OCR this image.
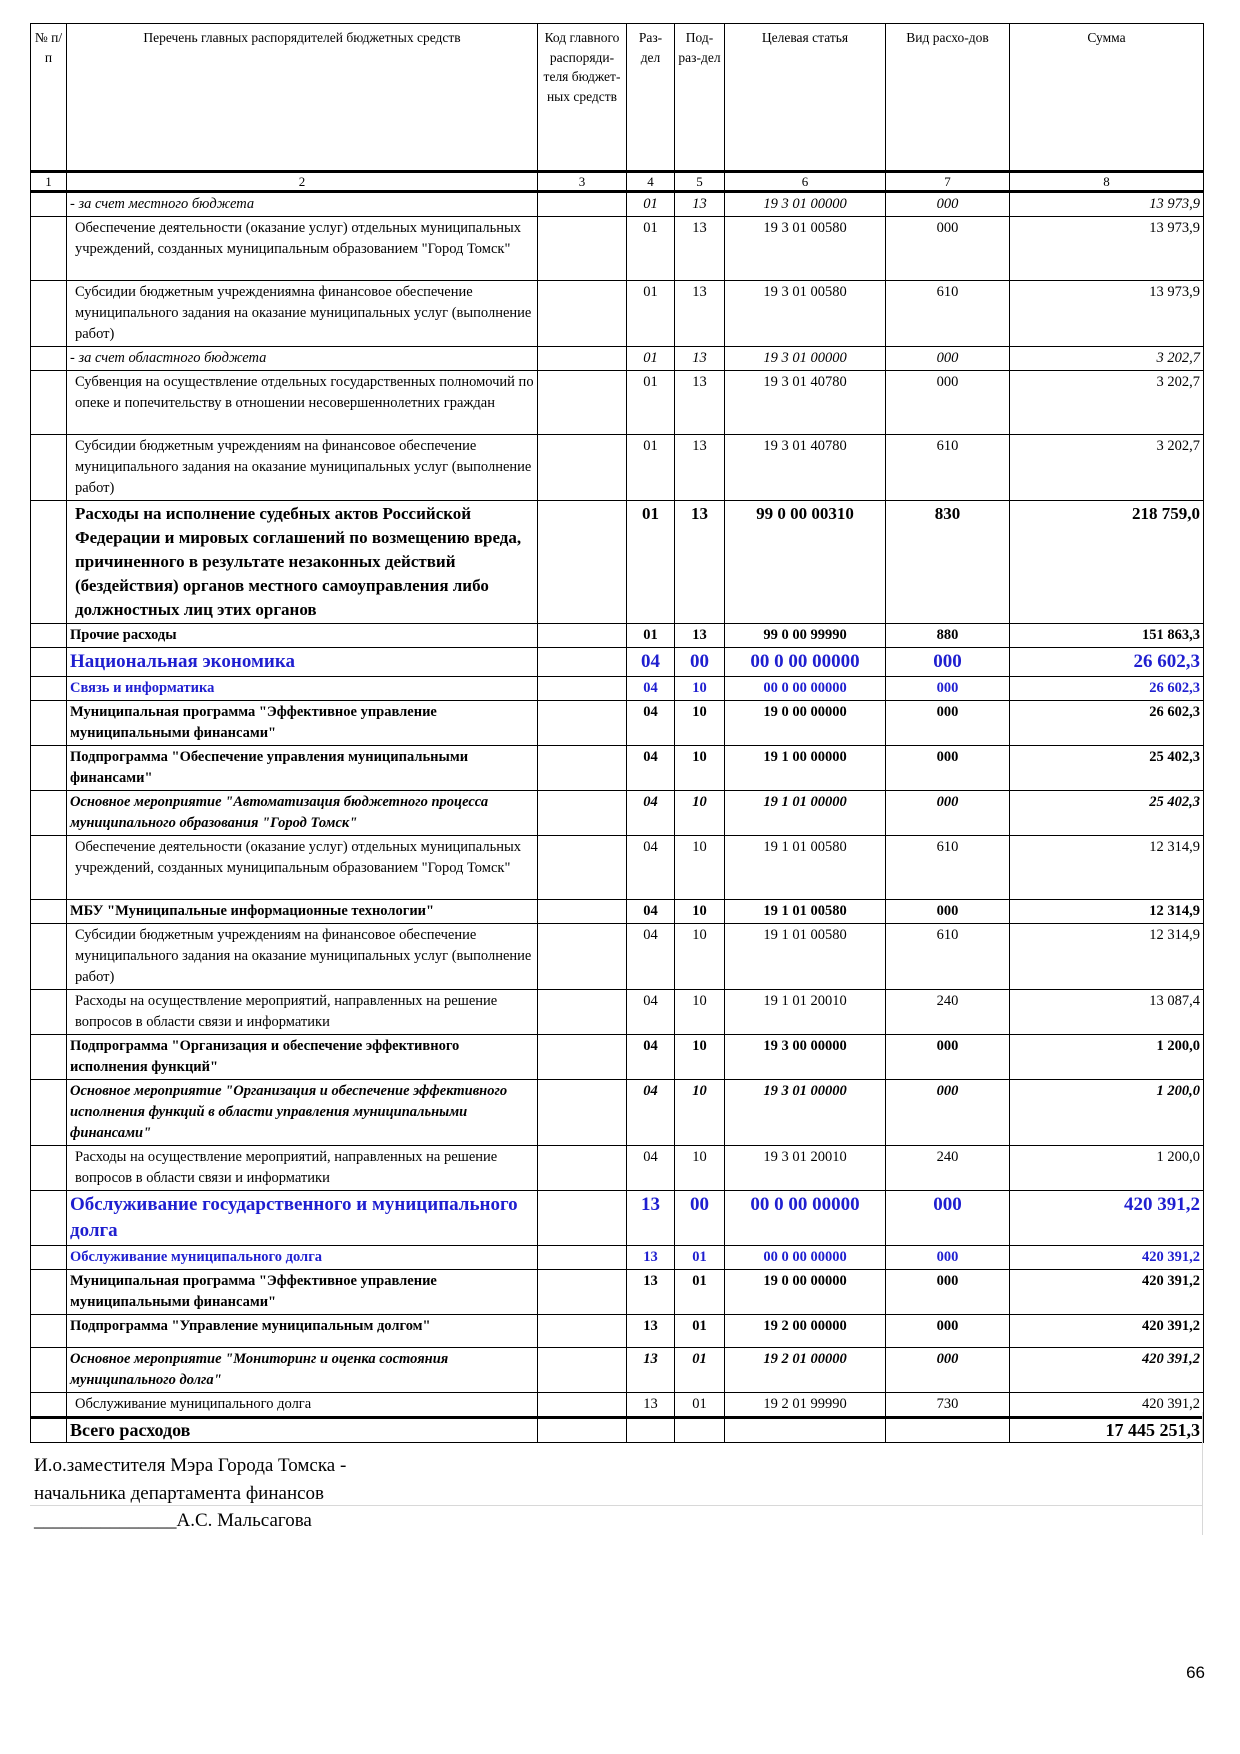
№ п/п	Перечень главных распорядителей бюджетных средств	Код главного распоряди-теля бюджет-ных средств	Раз-дел	Под-раз-дел	Целевая статья	Вид расхо-дов	Сумма
1	2	3	4	5	6	7	8
	- за счет местного бюджета		01	13	19 3 01 00000	000	13 973,9
	Обеспечение деятельности (оказание услуг) отдельных муниципальных учреждений, созданных муниципальным образованием "Город Томск"		01	13	19 3 01 00580	000	13 973,9
	Субсидии бюджетным учреждениямна финансовое обеспечение муниципального задания на оказание муниципальных услуг (выполнение работ)		01	13	19 3 01 00580	610	13 973,9
	- за счет областного бюджета		01	13	19 3 01 00000	000	3 202,7
	Субвенция на осуществление отдельных государственных полномочий по опеке и попечительству в отношении несовершеннолетних граждан		01	13	19 3 01 40780	000	3 202,7
	Субсидии бюджетным учреждениям на финансовое обеспечение муниципального задания на оказание муниципальных услуг (выполнение работ)		01	13	19 3 01 40780	610	3 202,7
	Расходы на исполнение судебных актов Российской Федерации и мировых соглашений по возмещению вреда, причиненного в результате незаконных действий (бездействия) органов местного самоуправления либо должностных лиц этих органов		01	13	99 0 00 00310	830	218 759,0
	Прочие расходы		01	13	99 0 00 99990	880	151 863,3
	Национальная экономика		04	00	00 0 00 00000	000	26 602,3
	Связь и информатика		04	10	00 0 00 00000	000	26 602,3
	Муниципальная программа "Эффективное управление муниципальными финансами"		04	10	19 0 00 00000	000	26 602,3
	Подпрограмма "Обеспечение управления муниципальными финансами"		04	10	19 1 00 00000	000	25 402,3
	Основное мероприятие "Автоматизация бюджетного процесса муниципального образования "Город Томск"		04	10	19 1 01 00000	000	25 402,3
	Обеспечение деятельности (оказание услуг) отдельных муниципальных учреждений, созданных муниципальным образованием "Город Томск"		04	10	19 1 01 00580	610	12 314,9
	МБУ "Муниципальные информационные технологии"		04	10	19 1 01 00580	000	12 314,9
	Субсидии бюджетным учреждениям на финансовое обеспечение муниципального задания на оказание муниципальных услуг (выполнение работ)		04	10	19 1 01 00580	610	12 314,9
	Расходы на осуществление мероприятий, направленных на решение вопросов в области связи и информатики		04	10	19 1 01 20010	240	13 087,4
	Подпрограмма "Организация и обеспечение эффективного исполнения функций"		04	10	19 3 00 00000	000	1 200,0
	Основное мероприятие "Организация и обеспечение эффективного исполнения функций в области управления муниципальными финансами"		04	10	19 3 01 00000	000	1 200,0
	Расходы на осуществление мероприятий, направленных на решение вопросов в области связи и информатики		04	10	19 3 01 20010	240	1 200,0
	Обслуживание государственного и муниципального долга		13	00	00 0 00 00000	000	420 391,2
	Обслуживание муниципального долга		13	01	00 0 00 00000	000	420 391,2
	Муниципальная программа "Эффективное управление муниципальными финансами"		13	01	19 0 00 00000	000	420 391,2
	Подпрограмма "Управление муниципальным долгом"		13	01	19 2 00 00000	000	420 391,2
	Основное мероприятие "Мониторинг и оценка состояния муниципального долга"		13	01	19 2 01 00000	000	420 391,2
	Обслуживание муниципального долга		13	01	19 2 01 99990	730	420 391,2
	Всего расходов						17 445 251,3
И.о.заместителя Мэра Города Томска -
начальника департамента финансов
_______________А.С. Мальсагова
66
